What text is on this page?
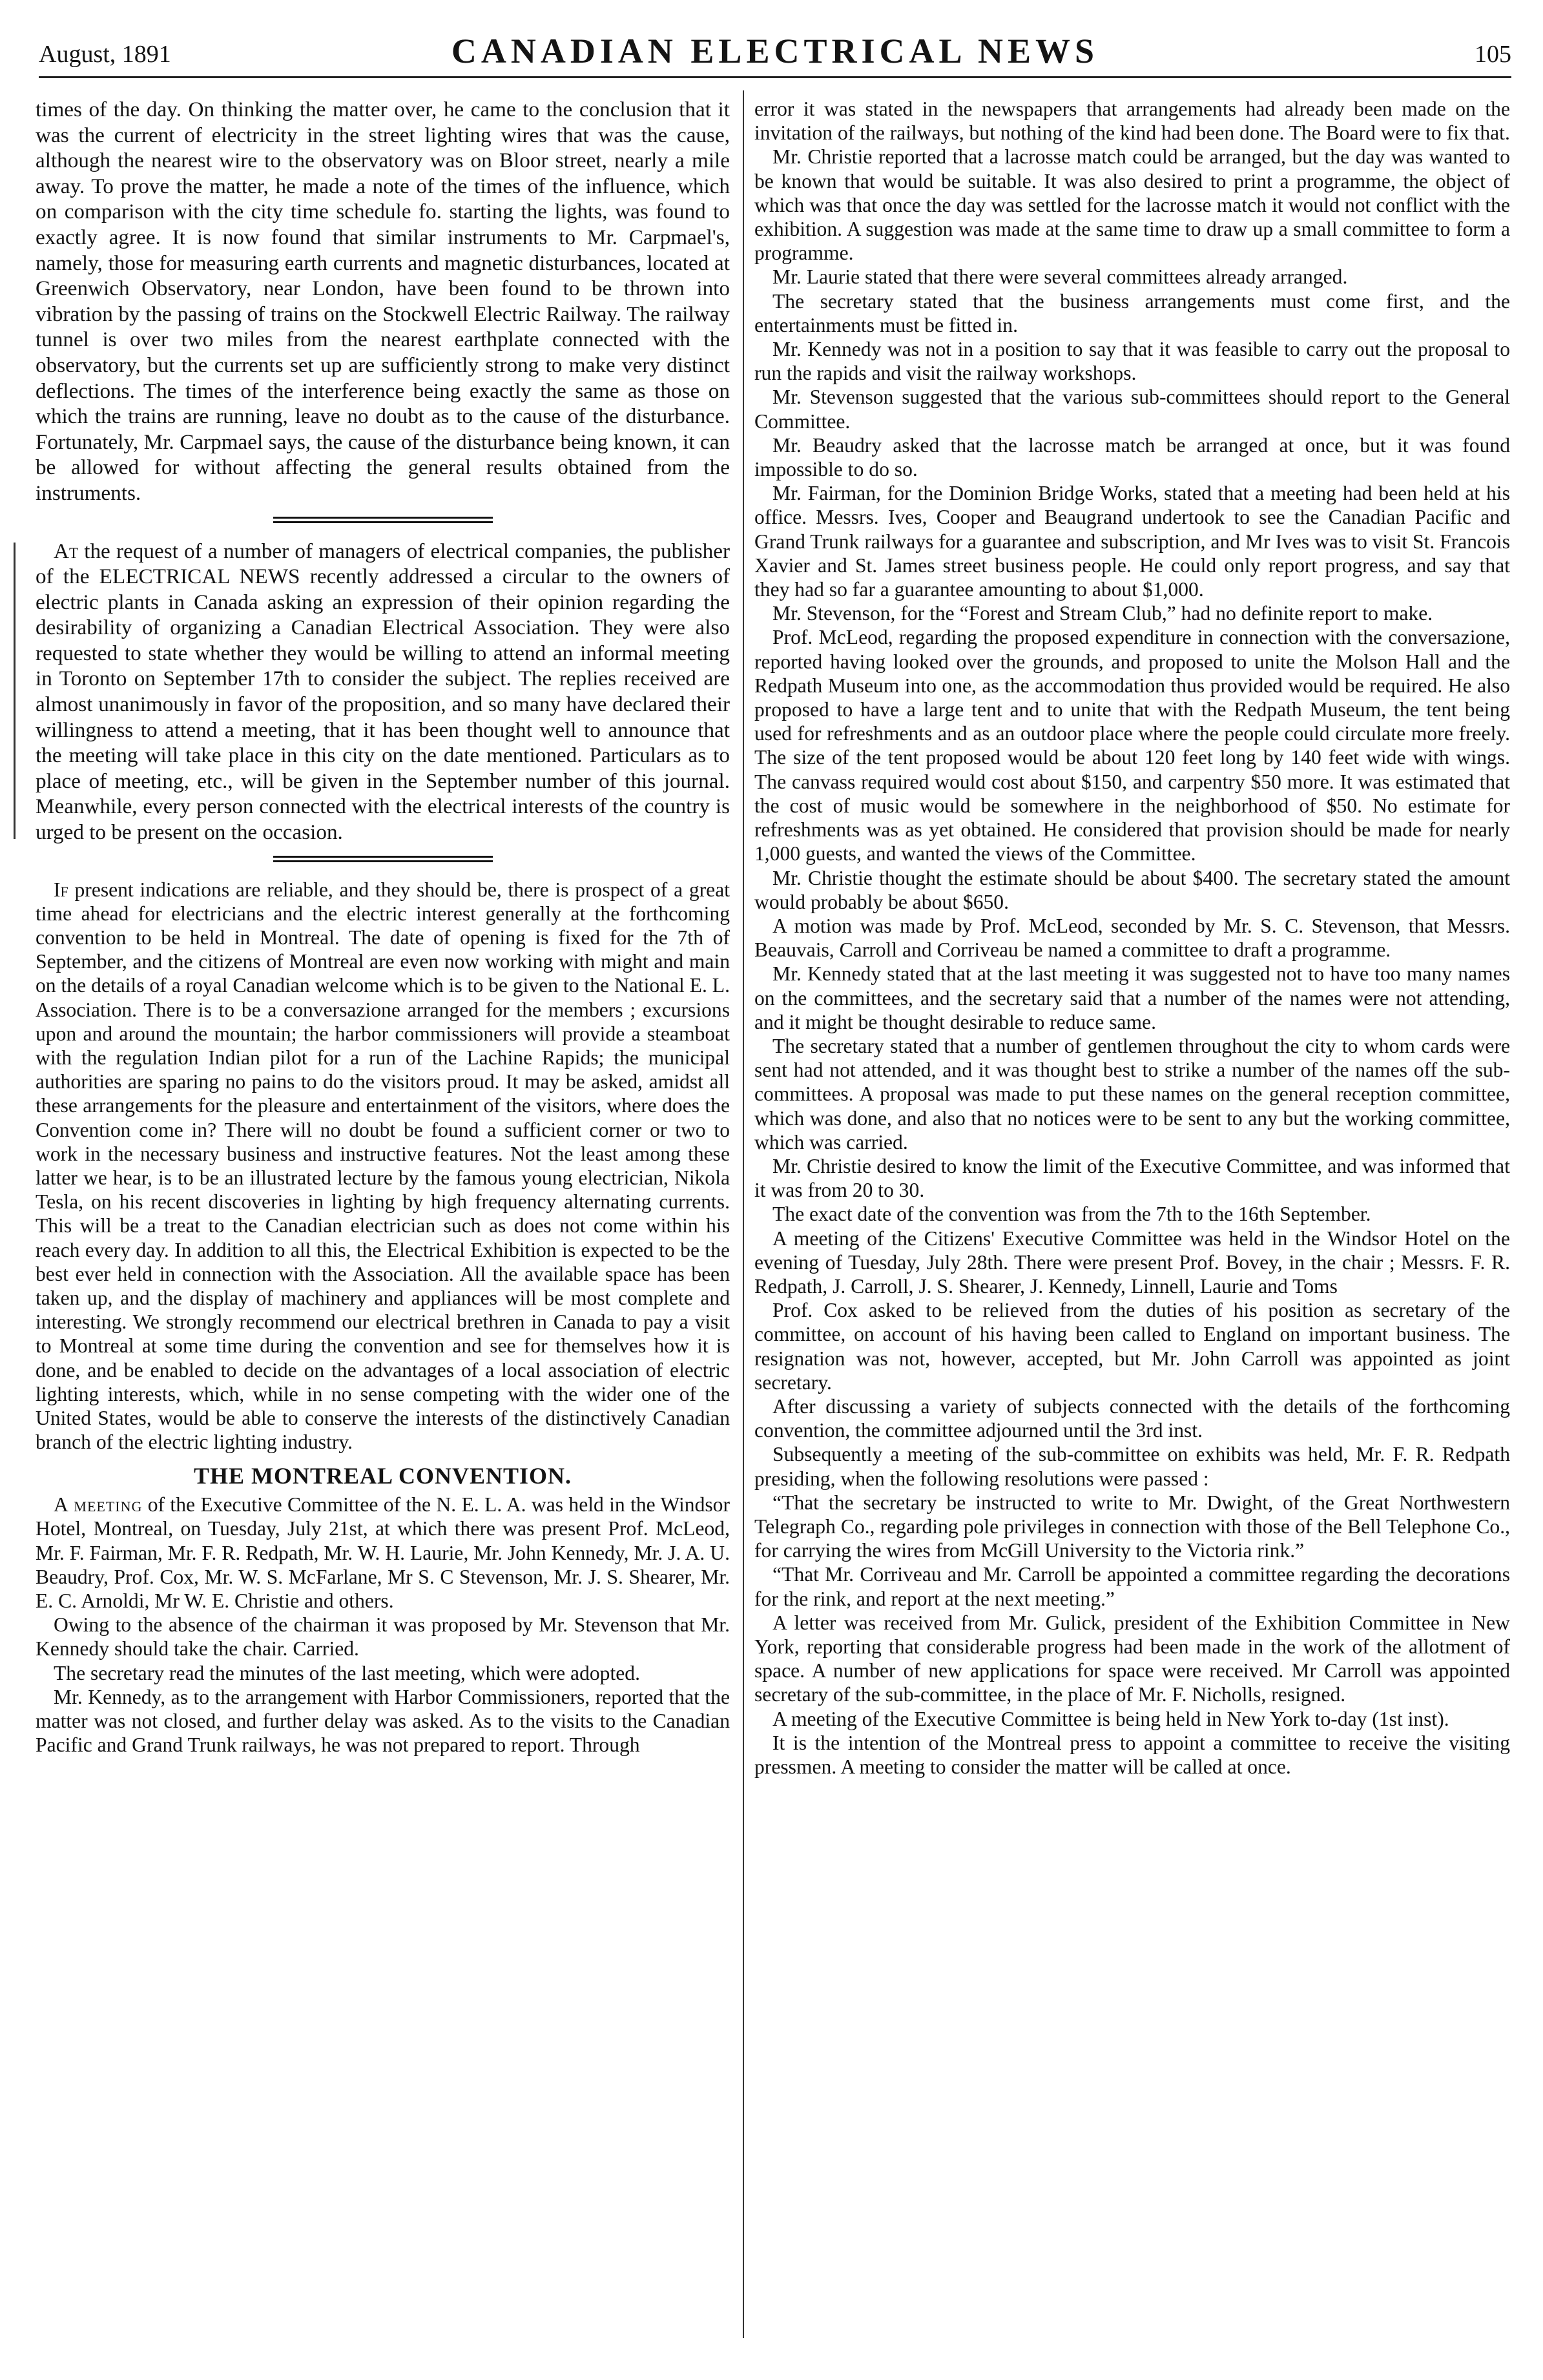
August, 1891	CANADIAN ELECTRICAL NEWS	105

times of the day. On thinking the matter over, he came to the conclusion that it was the current of electricity in the street lighting wires that was the cause, although the nearest wire to the observatory was on Bloor street, nearly a mile away. To prove the matter, he made a note of the times of the influence, which on comparison with the city time schedule fo. starting the lights, was found to exactly agree. It is now found that similar instruments to Mr. Carpmael's, namely, those for measuring earth currents and magnetic disturbances, located at Greenwich Observatory, near London, have been found to be thrown into vibration by the passing of trains on the Stockwell Electric Railway. The railway tunnel is over two miles from the nearest earthplate connected with the observatory, but the currents set up are sufficiently strong to make very distinct deflections. The times of the interference being exactly the same as those on which the trains are running, leave no doubt as to the cause of the disturbance. Fortunately, Mr. Carpmael says, the cause of the disturbance being known, it can be allowed for without affecting the general results obtained from the instruments.

At the request of a number of managers of electrical companies, the publisher of the ELECTRICAL NEWS recently addressed a circular to the owners of electric plants in Canada asking an expression of their opinion regarding the desirability of organizing a Canadian Electrical Association. They were also requested to state whether they would be willing to attend an informal meeting in Toronto on September 17th to consider the subject. The replies received are almost unanimously in favor of the proposition, and so many have declared their willingness to attend a meeting, that it has been thought well to announce that the meeting will take place in this city on the date mentioned. Particulars as to place of meeting, etc., will be given in the September number of this journal. Meanwhile, every person connected with the electrical interests of the country is urged to be present on the occasion.

If present indications are reliable, and they should be, there is prospect of a great time ahead for electricians and the electric interest generally at the forthcoming convention to be held in Montreal. The date of opening is fixed for the 7th of September, and the citizens of Montreal are even now working with might and main on the details of a royal Canadian welcome which is to be given to the National E. L. Association. There is to be a conversazione arranged for the members ; excursions upon and around the mountain; the harbor commissioners will provide a steamboat with the regulation Indian pilot for a run of the Lachine Rapids; the municipal authorities are sparing no pains to do the visitors proud. It may be asked, amidst all these arrangements for the pleasure and entertainment of the visitors, where does the Convention come in? There will no doubt be found a sufficient corner or two to work in the necessary business and instructive features. Not the least among these latter we hear, is to be an illustrated lecture by the famous young electrician, Nikola Tesla, on his recent discoveries in lighting by high frequency alternating currents. This will be a treat to the Canadian electrician such as does not come within his reach every day. In addition to all this, the Electrical Exhibition is expected to be the best ever held in connection with the Association. All the available space has been taken up, and the display of machinery and appliances will be most complete and interesting. We strongly recommend our electrical brethren in Canada to pay a visit to Montreal at some time during the convention and see for themselves how it is done, and be enabled to decide on the advantages of a local association of electric lighting interests, which, while in no sense competing with the wider one of the United States, would be able to conserve the interests of the distinctively Canadian branch of the electric lighting industry.

THE MONTREAL CONVENTION.

A meeting of the Executive Committee of the N. E. L. A. was held in the Windsor Hotel, Montreal, on Tuesday, July 21st, at which there was present Prof. McLeod, Mr. F. Fairman, Mr. F. R. Redpath, Mr. W. H. Laurie, Mr. John Kennedy, Mr. J. A. U. Beaudry, Prof. Cox, Mr. W. S. McFarlane, Mr S. C Stevenson, Mr. J. S. Shearer, Mr. E. C. Arnoldi, Mr W. E. Christie and others.

Owing to the absence of the chairman it was proposed by Mr. Stevenson that Mr. Kennedy should take the chair. Carried.

The secretary read the minutes of the last meeting, which were adopted.

Mr. Kennedy, as to the arrangement with Harbor Commissioners, reported that the matter was not closed, and further delay was asked. As to the visits to the Canadian Pacific and Grand Trunk railways, he was not prepared to report. Through

error it was stated in the newspapers that arrangements had already been made on the invitation of the railways, but nothing of the kind had been done. The Board were to fix that.

Mr. Christie reported that a lacrosse match could be arranged, but the day was wanted to be known that would be suitable. It was also desired to print a programme, the object of which was that once the day was settled for the lacrosse match it would not conflict with the exhibition. A suggestion was made at the same time to draw up a small committee to form a programme.

Mr. Laurie stated that there were several committees already arranged.

The secretary stated that the business arrangements must come first, and the entertainments must be fitted in.

Mr. Kennedy was not in a position to say that it was feasible to carry out the proposal to run the rapids and visit the railway workshops.

Mr. Stevenson suggested that the various sub-committees should report to the General Committee.

Mr. Beaudry asked that the lacrosse match be arranged at once, but it was found impossible to do so.

Mr. Fairman, for the Dominion Bridge Works, stated that a meeting had been held at his office. Messrs. Ives, Cooper and Beaugrand undertook to see the Canadian Pacific and Grand Trunk railways for a guarantee and subscription, and Mr Ives was to visit St. Francois Xavier and St. James street business people. He could only report progress, and say that they had so far a guarantee amounting to about $1,000.

Mr. Stevenson, for the “Forest and Stream Club,” had no definite report to make.

Prof. McLeod, regarding the proposed expenditure in connection with the conversazione, reported having looked over the grounds, and proposed to unite the Molson Hall and the Redpath Museum into one, as the accommodation thus provided would be required. He also proposed to have a large tent and to unite that with the Redpath Museum, the tent being used for refreshments and as an outdoor place where the people could circulate more freely. The size of the tent proposed would be about 120 feet long by 140 feet wide with wings. The canvass required would cost about $150, and carpentry $50 more. It was estimated that the cost of music would be somewhere in the neighborhood of $50. No estimate for refreshments was as yet obtained. He considered that provision should be made for nearly 1,000 guests, and wanted the views of the Committee.

Mr. Christie thought the estimate should be about $400. The secretary stated the amount would probably be about $650.

A motion was made by Prof. McLeod, seconded by Mr. S. C. Stevenson, that Messrs. Beauvais, Carroll and Corriveau be named a committee to draft a programme.

Mr. Kennedy stated that at the last meeting it was suggested not to have too many names on the committees, and the secretary said that a number of the names were not attending, and it might be thought desirable to reduce same.

The secretary stated that a number of gentlemen throughout the city to whom cards were sent had not attended, and it was thought best to strike a number of the names off the sub-committees. A proposal was made to put these names on the general reception committee, which was done, and also that no notices were to be sent to any but the working committee, which was carried.

Mr. Christie desired to know the limit of the Executive Committee, and was informed that it was from 20 to 30.

The exact date of the convention was from the 7th to the 16th September.

A meeting of the Citizens' Executive Committee was held in the Windsor Hotel on the evening of Tuesday, July 28th. There were present Prof. Bovey, in the chair ; Messrs. F. R. Redpath, J. Carroll, J. S. Shearer, J. Kennedy, Linnell, Laurie and Toms

Prof. Cox asked to be relieved from the duties of his position as secretary of the committee, on account of his having been called to England on important business. The resignation was not, however, accepted, but Mr. John Carroll was appointed as joint secretary.

After discussing a variety of subjects connected with the details of the forthcoming convention, the committee adjourned until the 3rd inst.

Subsequently a meeting of the sub-committee on exhibits was held, Mr. F. R. Redpath presiding, when the following resolutions were passed :

“That the secretary be instructed to write to Mr. Dwight, of the Great Northwestern Telegraph Co., regarding pole privileges in connection with those of the Bell Telephone Co., for carrying the wires from McGill University to the Victoria rink.”

“That Mr. Corriveau and Mr. Carroll be appointed a committee regarding the decorations for the rink, and report at the next meeting.”

A letter was received from Mr. Gulick, president of the Exhibition Committee in New York, reporting that considerable progress had been made in the work of the allotment of space. A number of new applications for space were received. Mr Carroll was appointed secretary of the sub-committee, in the place of Mr. F. Nicholls, resigned.

A meeting of the Executive Committee is being held in New York to-day (1st inst).

It is the intention of the Montreal press to appoint a committee to receive the visiting pressmen. A meeting to consider the matter will be called at once.
